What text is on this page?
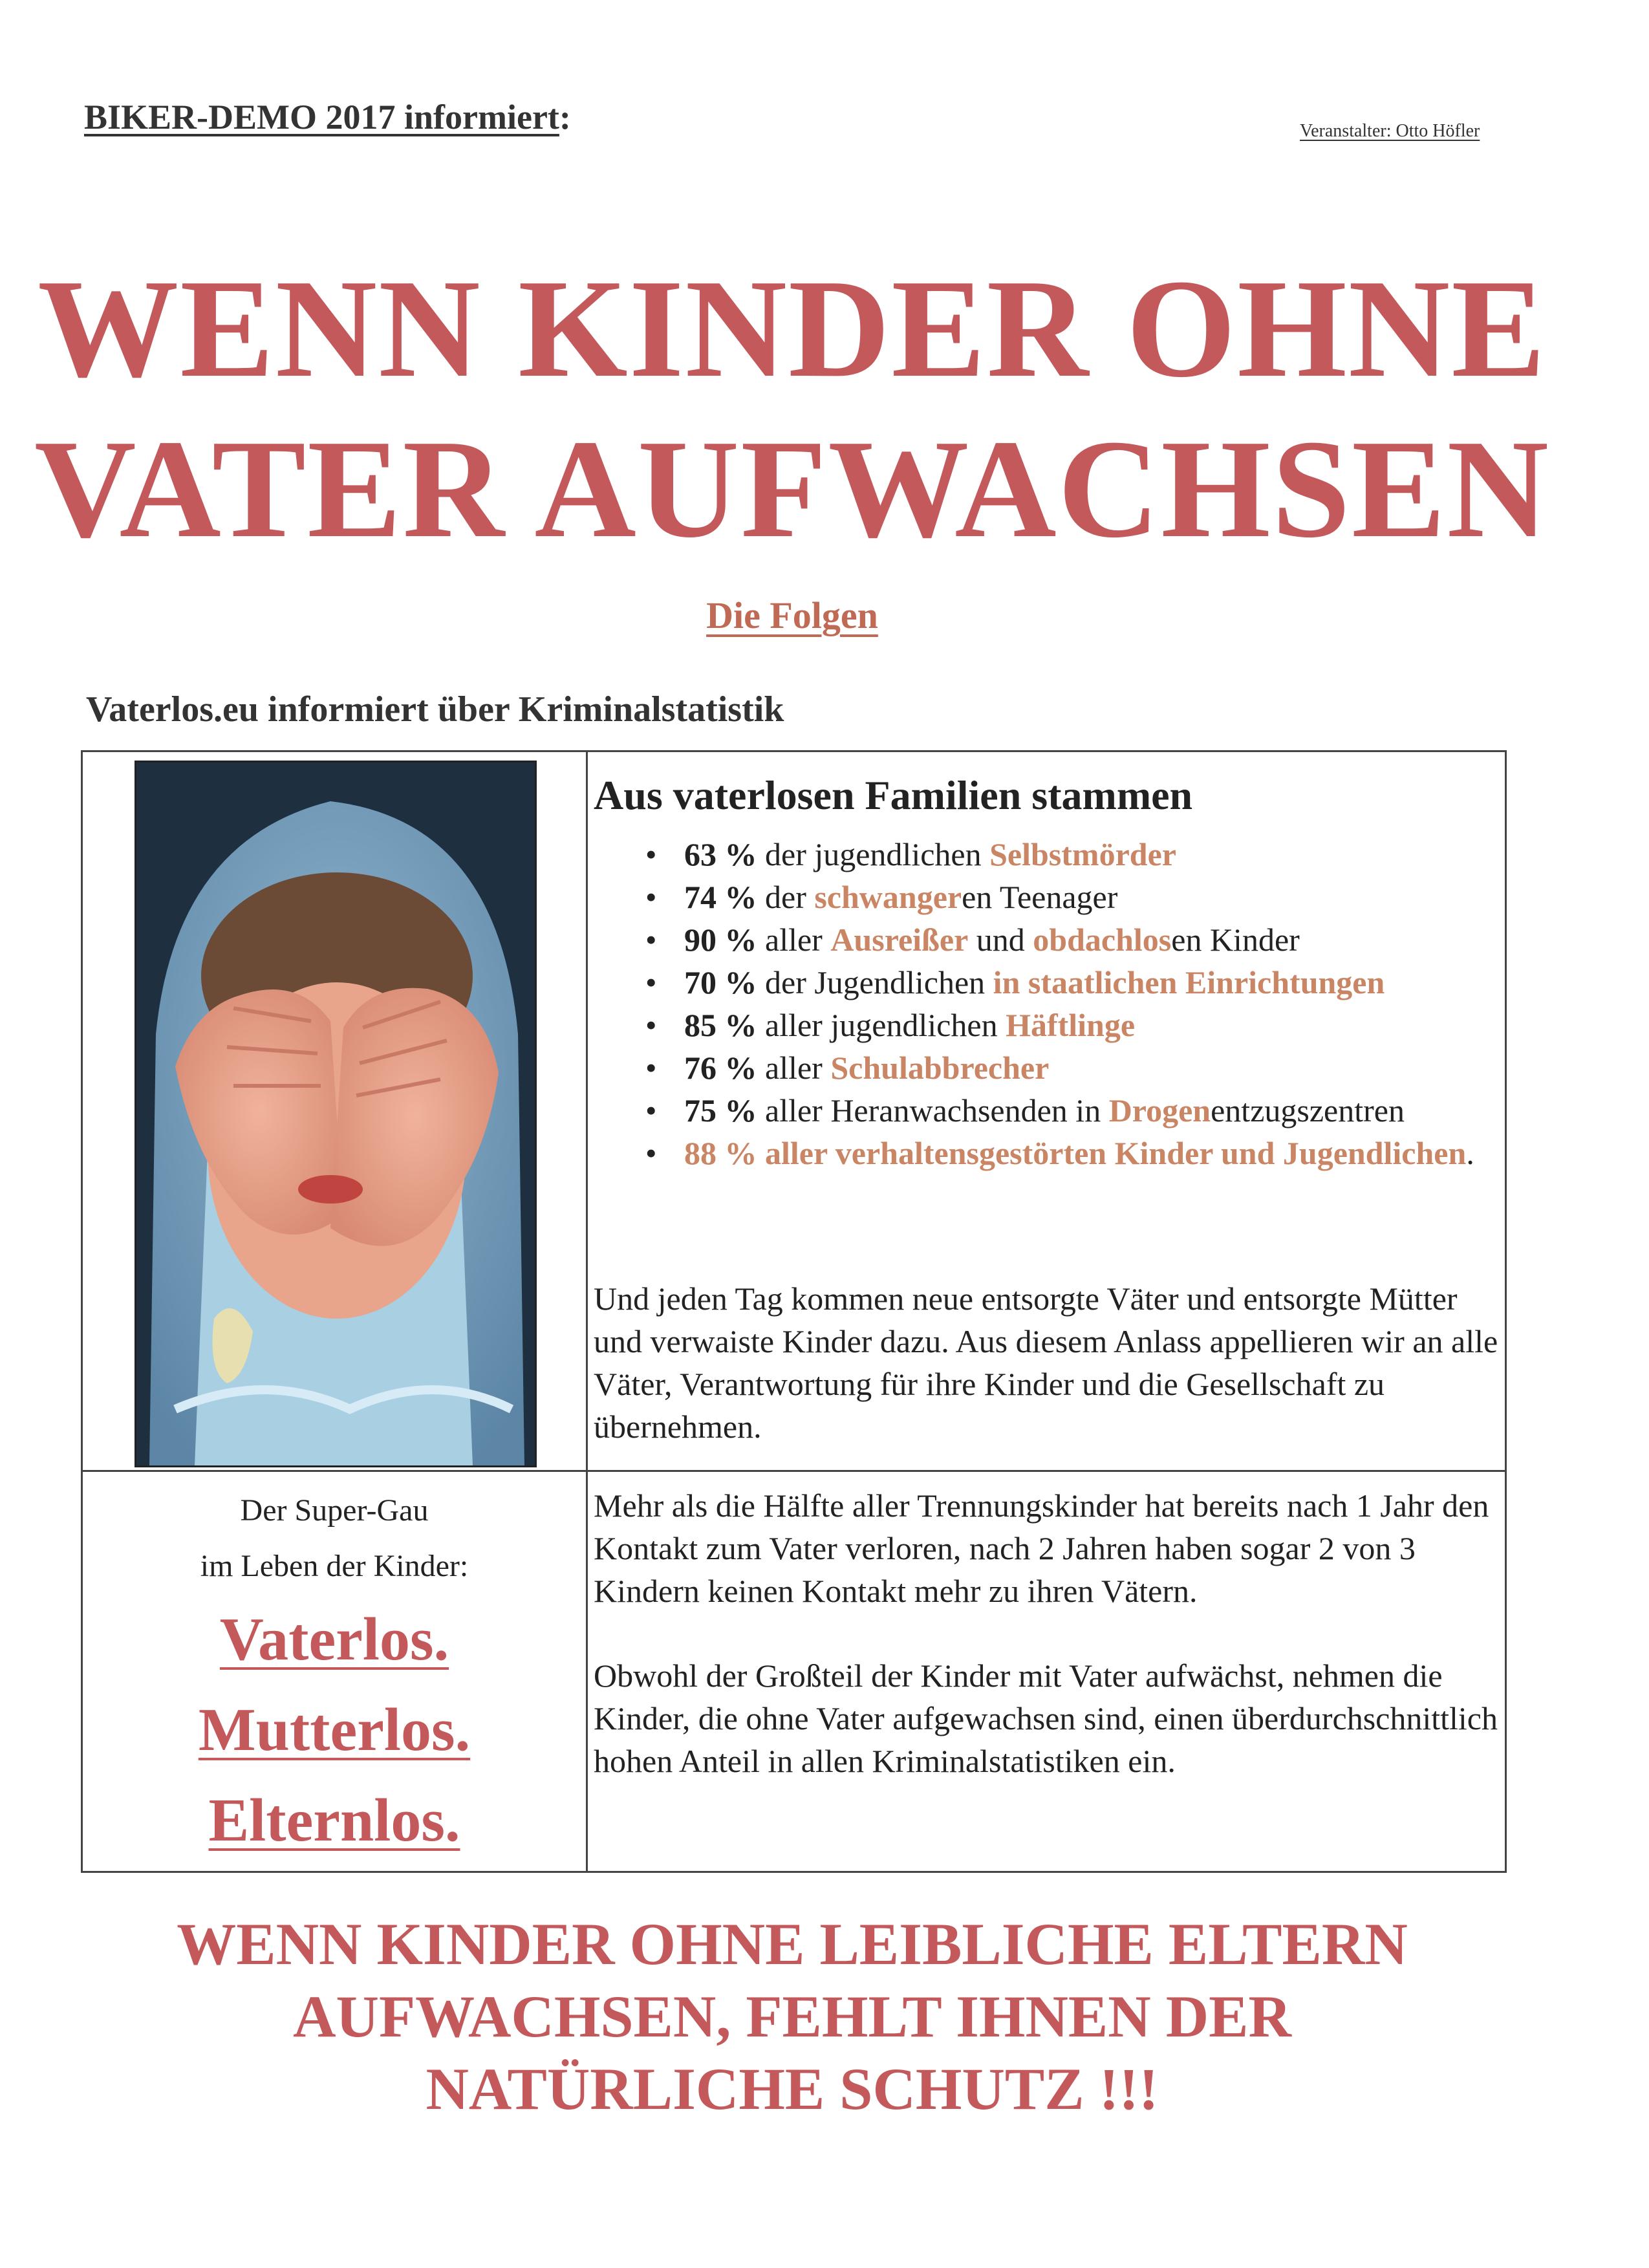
BIKER-DEMO 2017 informiert:	Veranstalter: Otto Höfler
WENN KINDER OHNE
VATER AUFWACHSEN
Die Folgen
Vaterlos.eu informiert über Kriminalstatistik
Aus vaterlosen Familien stammen
• 63 % der jugendlichen Selbstmörder
• 74 % der schwangeren Teenager
• 90 % aller Ausreißer und obdachlosen Kinder
• 70 % der Jugendlichen in staatlichen Einrichtungen
• 85 % aller jugendlichen Häftlinge
• 76 % aller Schulabbrecher
• 75 % aller Heranwachsenden in Drogenentzugszentren
• 88 % aller verhaltensgestörten Kinder und Jugendlichen.
Und jeden Tag kommen neue entsorgte Väter und entsorgte Mütter und verwaiste Kinder dazu. Aus diesem Anlass appellieren wir an alle Väter, Verantwortung für ihre Kinder und die Gesellschaft zu übernehmen.
Der Super-Gau
im Leben der Kinder:
Vaterlos.
Mutterlos.
Elternlos.
Mehr als die Hälfte aller Trennungskinder hat bereits nach 1 Jahr den Kontakt zum Vater verloren, nach 2 Jahren haben sogar 2 von 3 Kindern keinen Kontakt mehr zu ihren Vätern.
Obwohl der Großteil der Kinder mit Vater aufwächst, nehmen die Kinder, die ohne Vater aufgewachsen sind, einen überdurchschnittlich hohen Anteil in allen Kriminalstatistiken ein.
WENN KINDER OHNE LEIBLICHE ELTERN
AUFWACHSEN, FEHLT IHNEN DER
NATÜRLICHE SCHUTZ !!!
